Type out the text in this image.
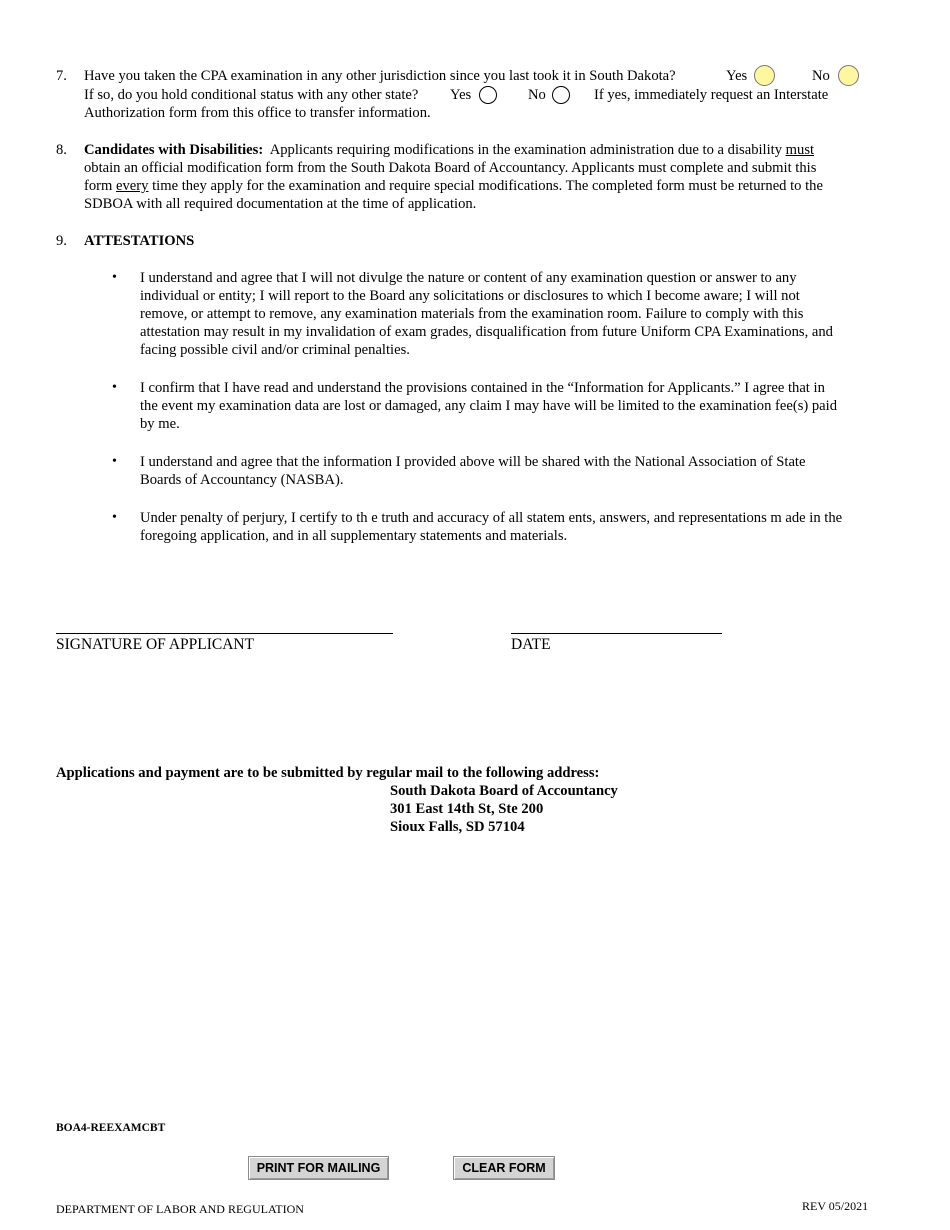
7. Have you taken the CPA examination in any other jurisdiction since you last took it in South Dakota?	Yes	No
If so, do you hold conditional status with any other state? Yes	No	If yes, immediately request an Interstate
Authorization form from this office to transfer information.
8. Candidates with Disabilities: Applicants requiring modifications in the examination administration due to a disability must
obtain an official modification form from the South Dakota Board of Accountancy. Applicants must complete and submit this
form every time they apply for the examination and require special modifications. The completed form must be returned to the
SDBOA with all required documentation at the time of application.
9. ATTESTATIONS
• I understand and agree that I will not divulge the nature or content of any examination question or answer to any
individual or entity; I will report to the Board any solicitations or disclosures to which I become aware; I will not
remove, or attempt to remove, any examination materials from the examination room. Failure to comply with this
attestation may result in my invalidation of exam grades, disqualification from future Uniform CPA Examinations, and
facing possible civil and/or criminal penalties.
• I confirm that I have read and understand the provisions contained in the “Information for Applicants.” I agree that in
the event my examination data are lost or damaged, any claim I may have will be limited to the examination fee(s) paid
by me.
• I understand and agree that the information I provided above will be shared with the National Association of State
Boards of Accountancy (NASBA).
• Under penalty of perjury, I certify to th e truth and accuracy of all statem ents, answers, and representations m ade in the
foregoing application, and in all supplementary statements and materials.
SIGNATURE OF APPLICANT	DATE
Applications and payment are to be submitted by regular mail to the following address:
South Dakota Board of Accountancy
301 East 14th St, Ste 200
Sioux Falls, SD 57104
BOA4-REEXAMCBT
PRINT FOR MAILING	CLEAR FORM
DEPARTMENT OF LABOR AND REGULATION	REV 05/2021
